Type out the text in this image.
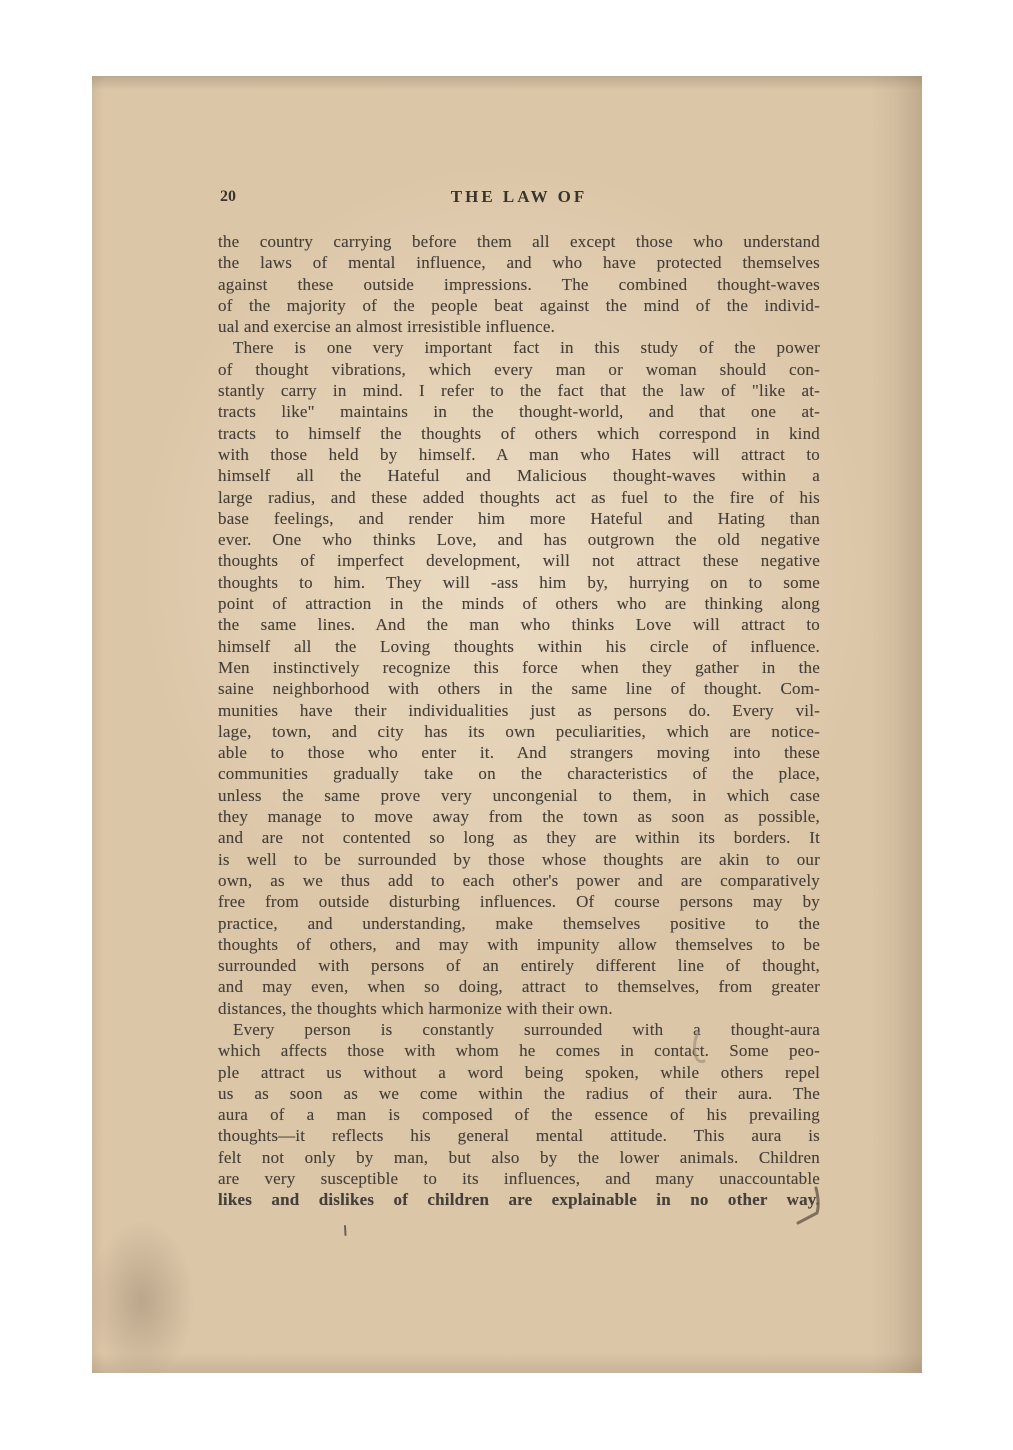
20	THE LAW OF
the country carrying before them all except those who understand
the laws of mental influence, and who have protected themselves
against these outside impressions. The combined thought-waves
of the majority of the people beat against the mind of the individ-
ual and exercise an almost irresistible influence.
There is one very important fact in this study of the power
of thought vibrations, which every man or woman should con-
stantly carry in mind. I refer to the fact that the law of "like at-
tracts like" maintains in the thought-world, and that one at-
tracts to himself the thoughts of others which correspond in kind
with those held by himself. A man who Hates will attract to
himself all the Hateful and Malicious thought-waves within a
large radius, and these added thoughts act as fuel to the fire of his
base feelings, and render him more Hateful and Hating than
ever. One who thinks Love, and has outgrown the old negative
thoughts of imperfect development, will not attract these negative
thoughts to him. They will -ass him by, hurrying on to some
point of attraction in the minds of others who are thinking along
the same lines. And the man who thinks Love will attract to
himself all the Loving thoughts within his circle of influence.
Men instinctively recognize this force when they gather in the
saine neighborhood with others in the same line of thought. Com-
munities have their individualities just as persons do. Every vil-
lage, town, and city has its own peculiarities, which are notice-
able to those who enter it. And strangers moving into these
communities gradually take on the characteristics of the place,
unless the same prove very uncongenial to them, in which case
they manage to move away from the town as soon as possible,
and are not contented so long as they are within its borders. It
is well to be surrounded by those whose thoughts are akin to our
own, as we thus add to each other's power and are comparatively
free from outside disturbing influences. Of course persons may by
practice, and understanding, make themselves positive to the
thoughts of others, and may with impunity allow themselves to be
surrounded with persons of an entirely different line of thought,
and may even, when so doing, attract to themselves, from greater
distances, the thoughts which harmonize with their own.
Every person is constantly surrounded with a thought-aura
which affects those with whom he comes in contact. Some peo-
ple attract us without a word being spoken, while others repel
us as soon as we come within the radius of their aura. The
aura of a man is composed of the essence of his prevailing
thoughts—it reflects his general mental attitude. This aura is
felt not only by man, but also by the lower animals. Children
are very susceptible to its influences, and many unaccountable
likes and dislikes of children are explainable in no other way.
